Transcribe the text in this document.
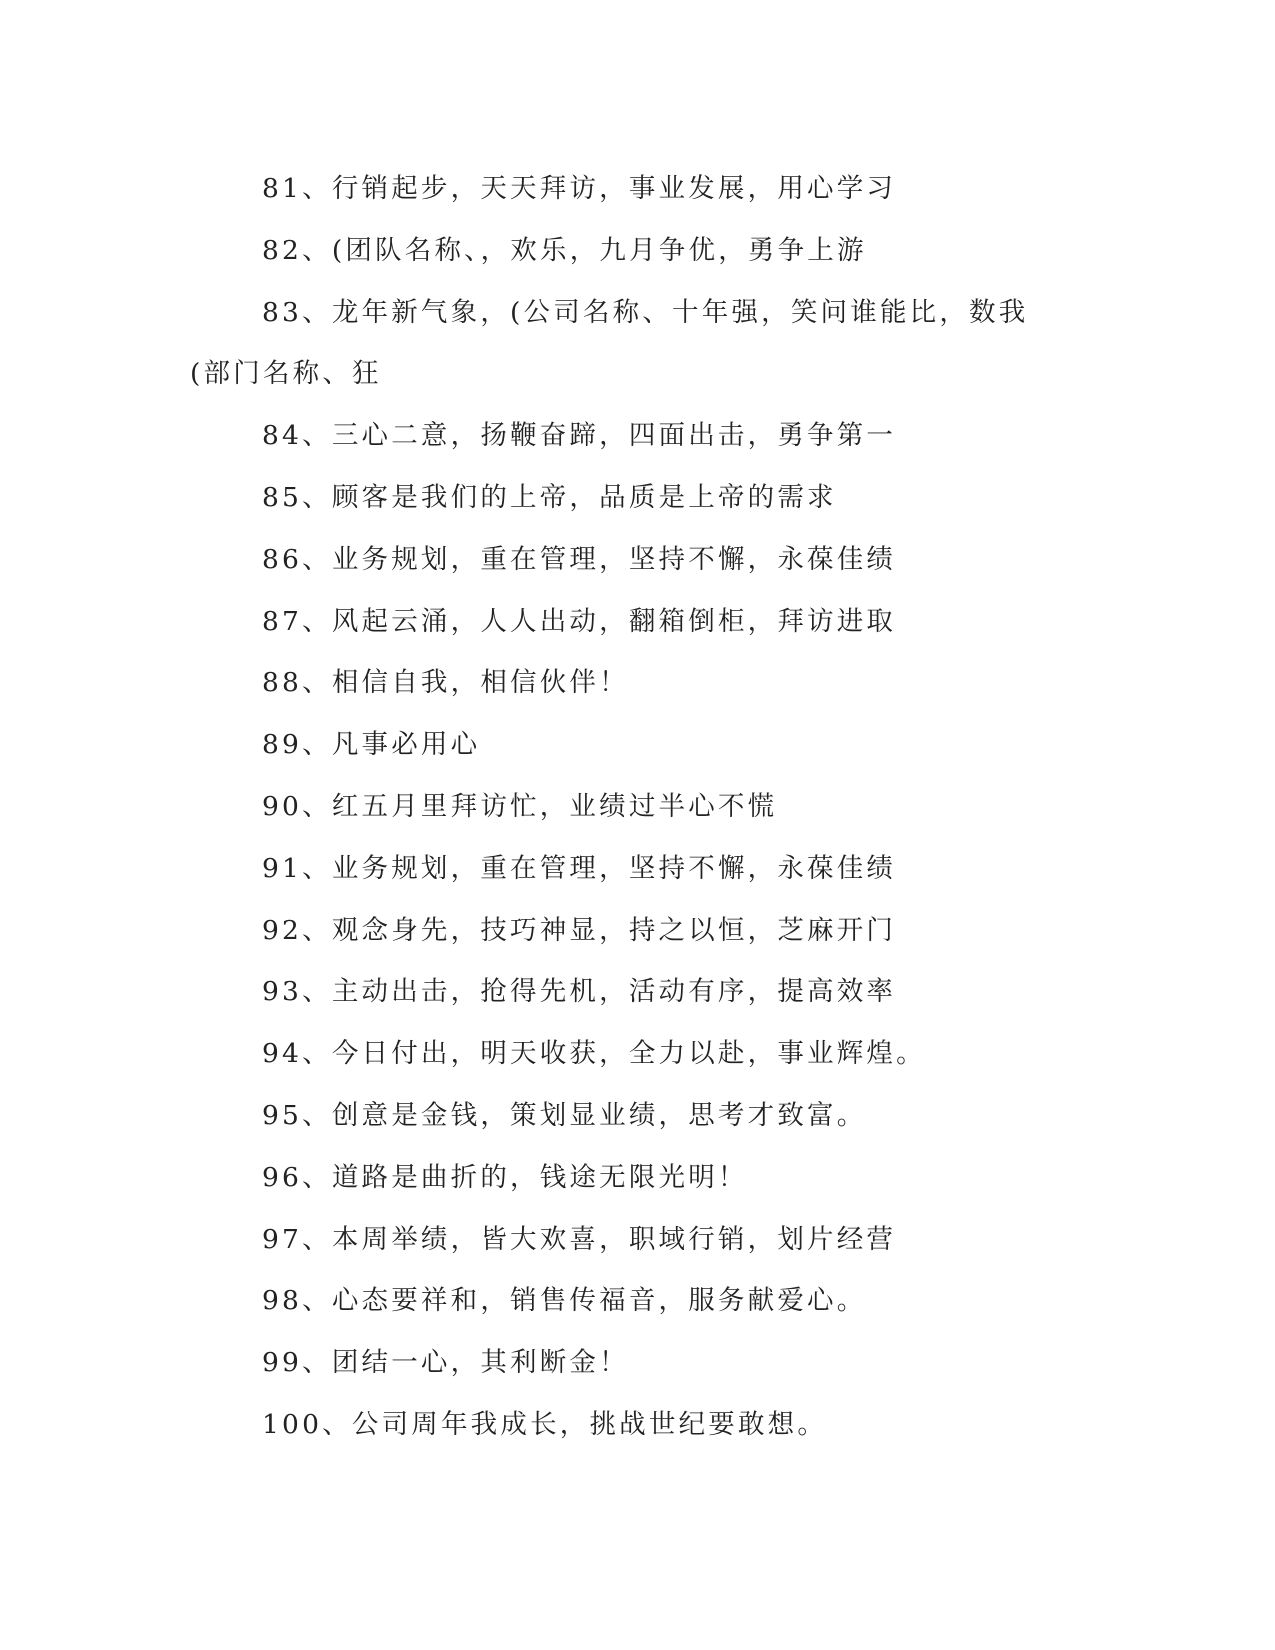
81、行销起步，天天拜访，事业发展，用心学习

82、(团队名称、，欢乐，九月争优，勇争上游

83、龙年新气象，(公司名称、十年强，笑问谁能比，数我(部门名称、狂

84、三心二意，扬鞭奋蹄，四面出击，勇争第一

85、顾客是我们的上帝，品质是上帝的需求

86、业务规划，重在管理，坚持不懈，永葆佳绩

87、风起云涌，人人出动，翻箱倒柜，拜访进取

88、相信自我，相信伙伴！

89、凡事必用心

90、红五月里拜访忙，业绩过半心不慌

91、业务规划，重在管理，坚持不懈，永葆佳绩

92、观念身先，技巧神显，持之以恒，芝麻开门

93、主动出击，抢得先机，活动有序，提高效率

94、今日付出，明天收获，全力以赴，事业辉煌。

95、创意是金钱，策划显业绩，思考才致富。

96、道路是曲折的，钱途无限光明！

97、本周举绩，皆大欢喜，职域行销，划片经营

98、心态要祥和，销售传福音，服务献爱心。

99、团结一心，其利断金！

100、公司周年我成长，挑战世纪要敢想。
